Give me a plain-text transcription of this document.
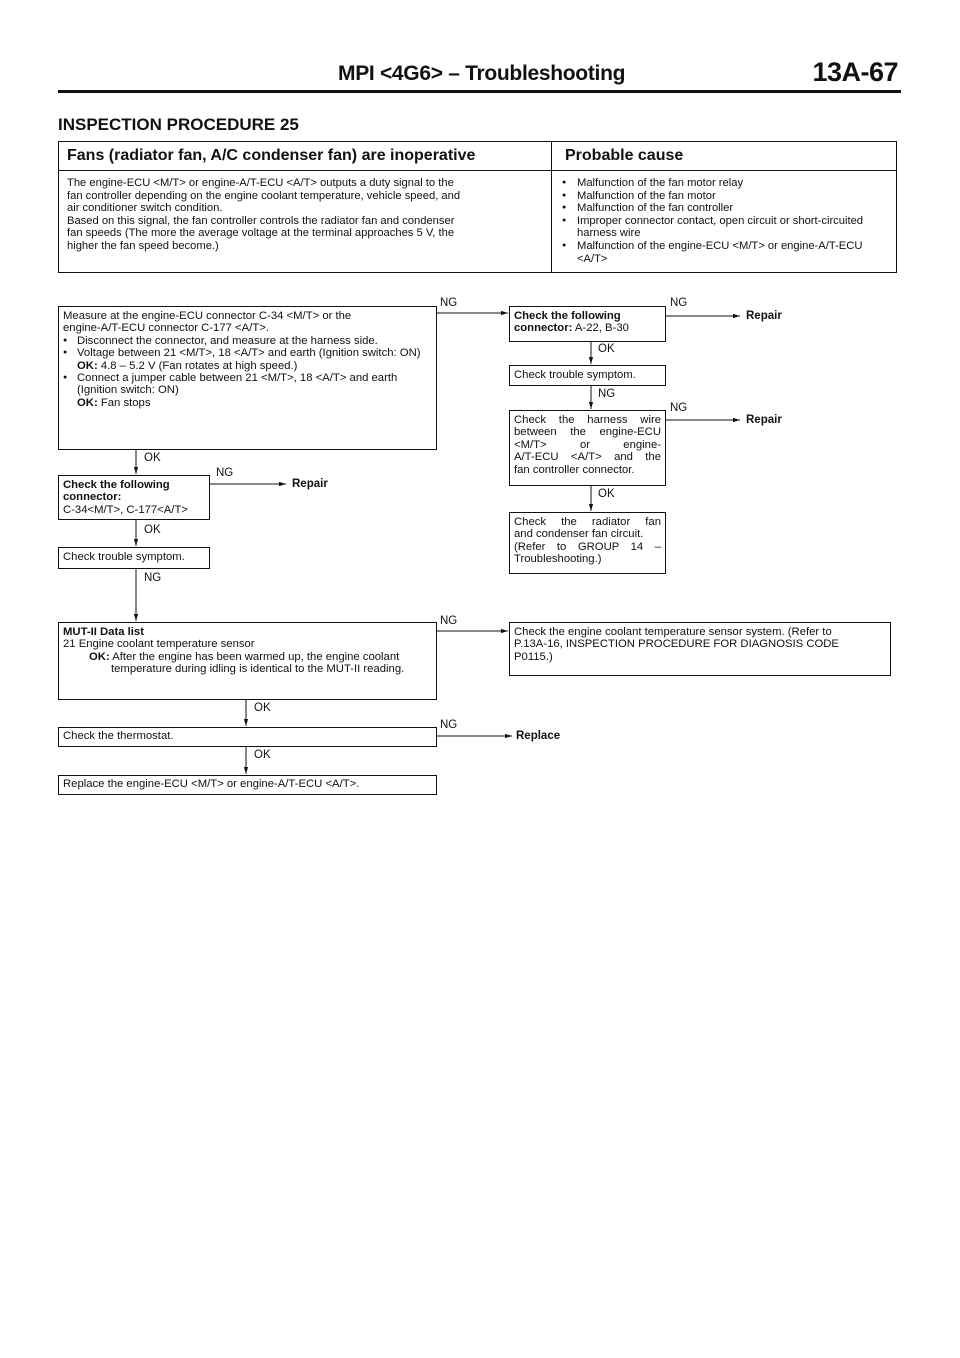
MPI <4G6> – Troubleshooting	13A-67
INSPECTION PROCEDURE 25
Fans (radiator fan, A/C condenser fan) are inoperative	Probable cause

The engine-ECU <M/T> or engine-A/T-ECU <A/T> outputs a duty signal to the

fan controller depending on the engine coolant temperature, vehicle speed, and

air conditioner switch condition.

Based on this signal, the fan controller controls the radiator fan and condenser

fan speeds (The more the average voltage at the terminal approaches 5 V, the

higher the fan speed become.)

● Malfunction of the fan motor relay
● Malfunction of the fan motor
● Malfunction of the fan controller
● Improper connector contact, open circuit or short-circuited harness wire
● Malfunction of the engine-ECU <M/T> or engine-A/T-ECU <A/T>
Measure at the engine-ECU connector C-34 <M/T> or the
engine-A/T-ECU connector C-177 <A/T>.
● Disconnect the connector, and measure at the harness side.
● Voltage between 21 <M/T>, 18 <A/T> and earth (Ignition switch: ON)
OK: 4.8 – 5.2 V (Fan rotates at high speed.)
● Connect a jumper cable between 21 <M/T>, 18 <A/T> and earth (Ignition switch: ON)
OK: Fan stops
NG
OK
Check the following
connector:
C-34<M/T>, C-177<A/T>
NG
Repair
OK
Check trouble symptom.
NG
MUT-II Data list
21 Engine coolant temperature sensor
OK: After the engine has been warmed up, the engine coolant temperature during idling is identical to the MUT-II reading.
NG
OK
Check the thermostat.
NG
Replace
OK
Replace the engine-ECU <M/T> or engine-A/T-ECU <A/T>.
Check the following
connector: A-22, B-30
NG
Repair
OK
Check trouble symptom.
NG
Check the harness wire
between the engine-ECU
<M/T> or engine-
A/T-ECU <A/T> and the
fan controller connector.
NG
Repair
OK
Check the radiator fan
and condenser fan circuit.
(Refer to GROUP 14 –
Troubleshooting.)
Check the engine coolant temperature sensor system. (Refer to
P.13A-16, INSPECTION PROCEDURE FOR DIAGNOSIS CODE
P0115.)
